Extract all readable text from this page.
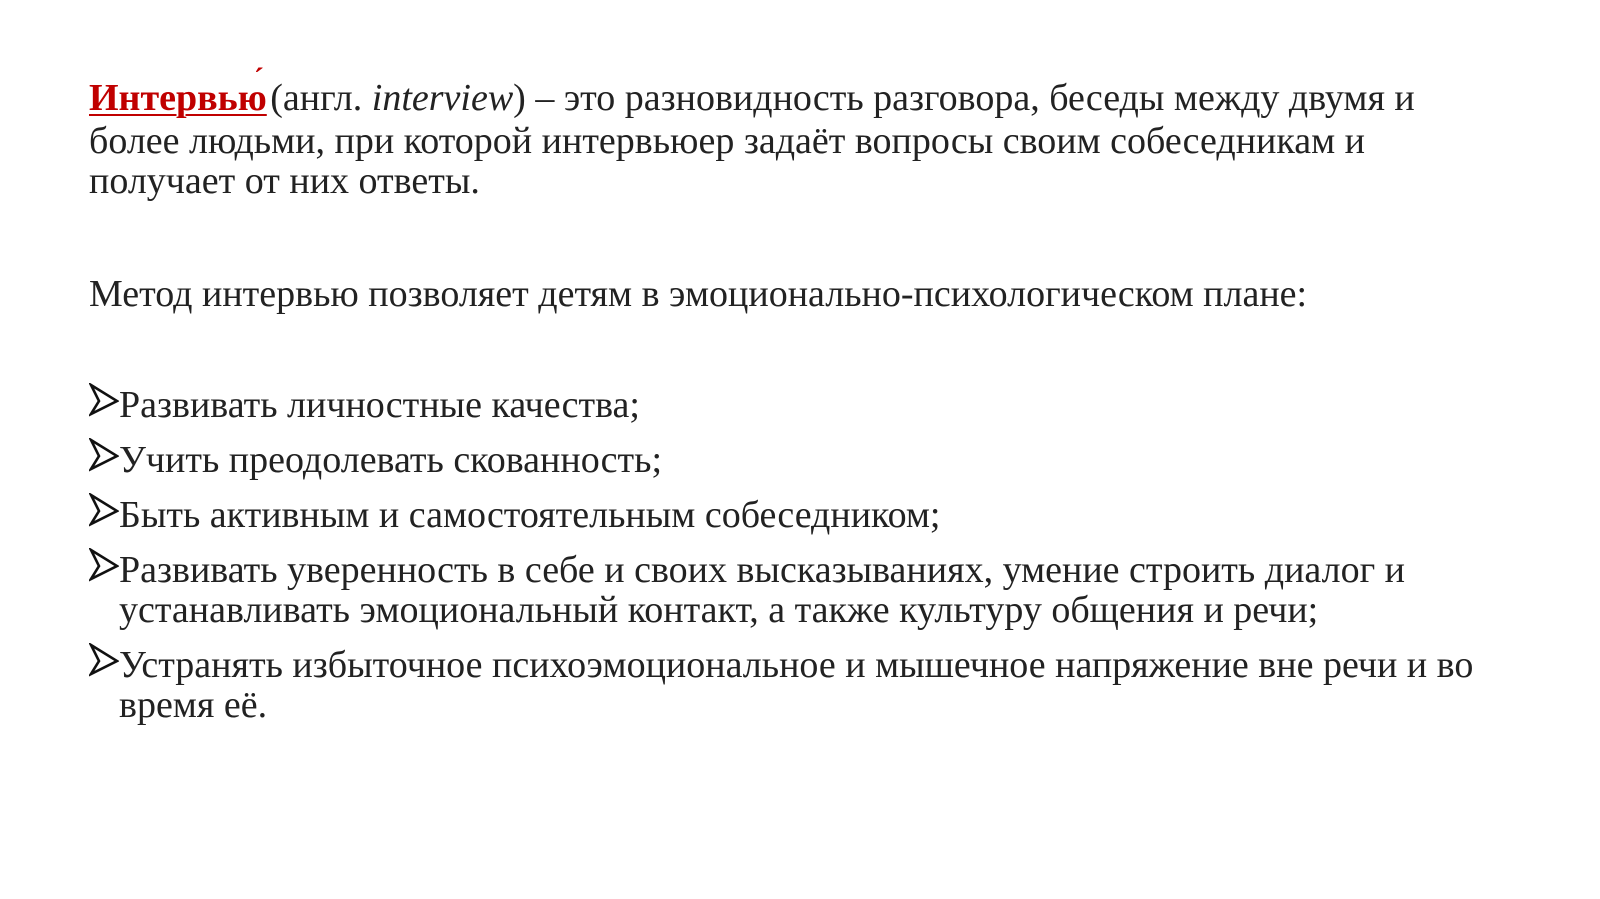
Интервью (англ. interview) – это разновидность разговора, беседы между двумя и более людьми, при которой интервьюер задаёт вопросы своим собеседникам и получает от них ответы.

Метод интервью позволяет детям в эмоционально-психологическом плане:

Развивать личностные качества;
Учить преодолевать скованность;
Быть активным и самостоятельным собеседником;
Развивать уверенность в себе и своих высказываниях, умение строить диалог и устанавливать эмоциональный контакт, а также культуру общения и речи;
Устранять избыточное психоэмоциональное и мышечное напряжение вне речи и во время её.
